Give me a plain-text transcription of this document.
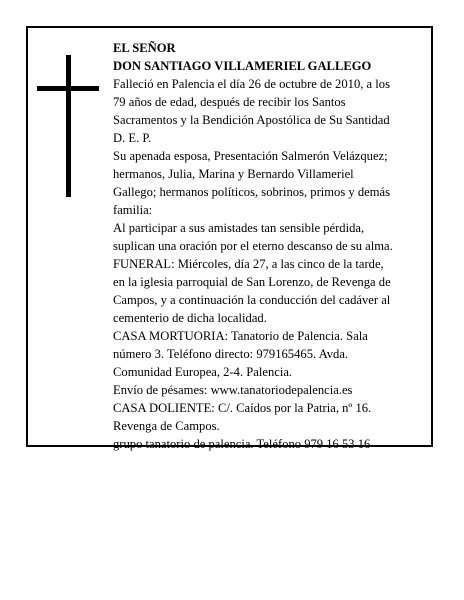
EL SEÑOR
DON SANTIAGO VILLAMERIEL GALLEGO
Falleció en Palencia el día 26 de octubre de 2010, a los
79 años de edad, después de recibir los Santos
Sacramentos y la Bendición Apostólica de Su Santidad
D. E. P.
Su apenada esposa, Presentación Salmerón Velázquez;
hermanos, Julia, Marina y Bernardo Villameriel
Gallego; hermanos políticos, sobrinos, primos y demás
familia:
Al participar a sus amistades tan sensible pérdida,
suplican una oración por el eterno descanso de su alma.
FUNERAL: Miércoles, día 27, a las cinco de la tarde,
en la iglesia parroquial de San Lorenzo, de Revenga de
Campos, y a continuación la conducción del cadáver al
cementerio de dicha localidad.
CASA MORTUORIA: Tanatorio de Palencia. Sala
número 3. Teléfono directo: 979165465. Avda.
Comunidad Europea, 2-4. Palencia.
Envío de pésames: www.tanatoriodepalencia.es
CASA DOLIENTE: C/. Caídos por la Patria, nº 16.
Revenga de Campos.
grupo tanatorio de palencia. Teléfono 979 16 53 16
